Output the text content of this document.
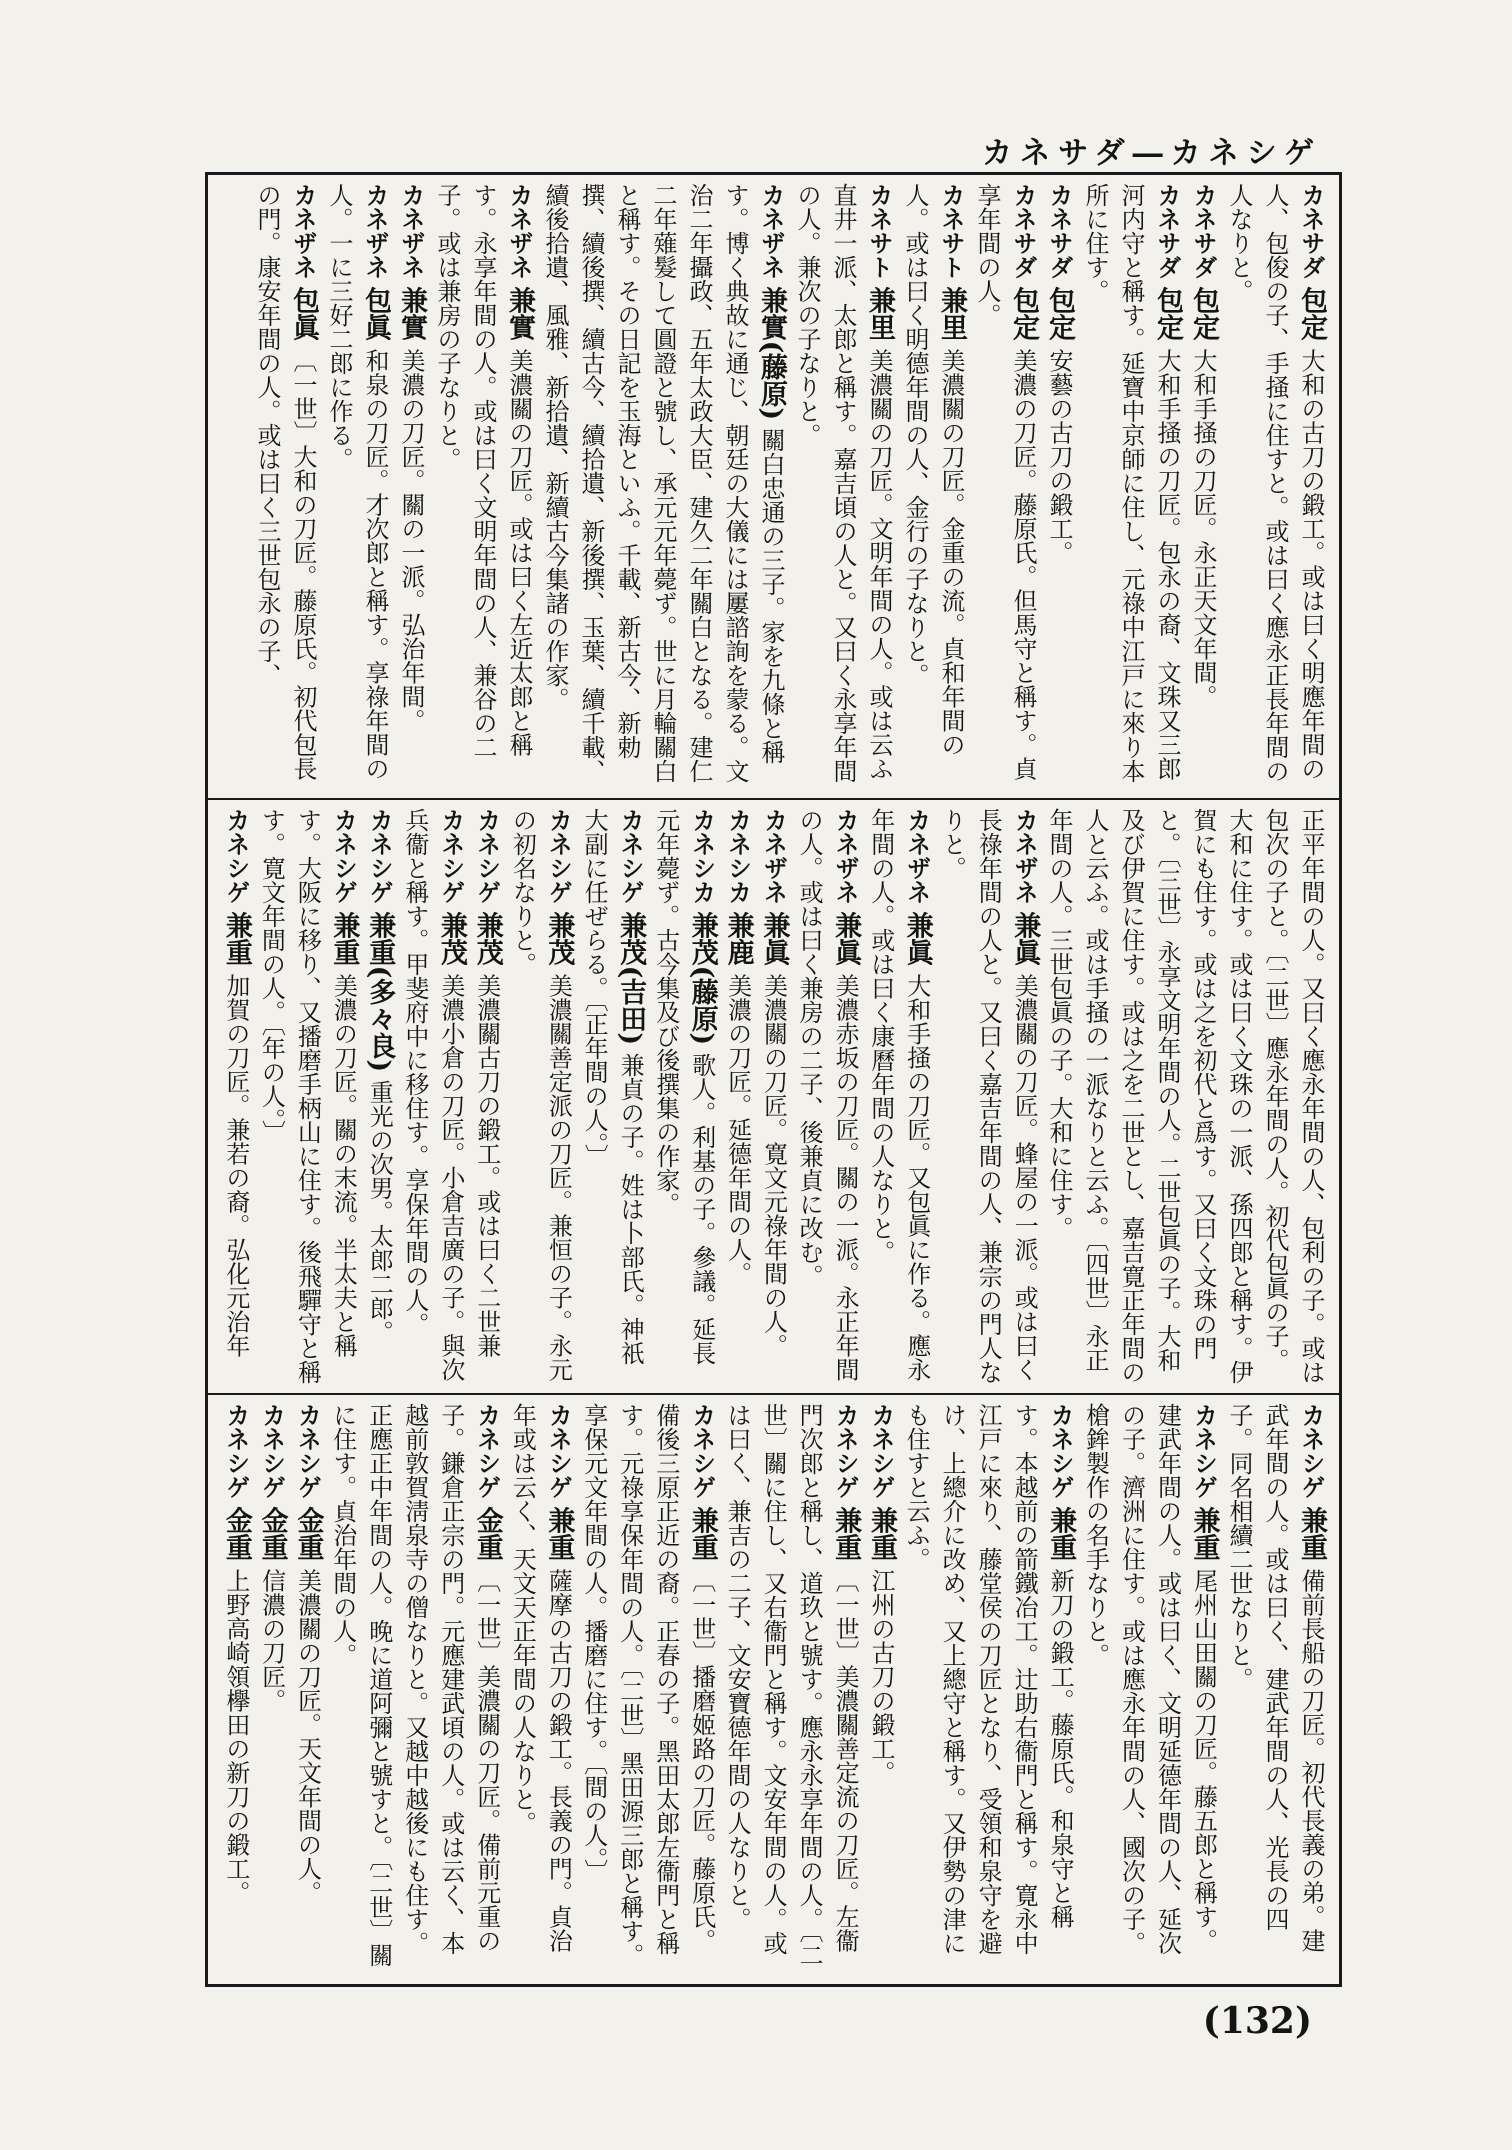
カネサダ―カネシゲ
カネサダ 包定 大和の古刀の鍛工。或は曰く明應年間の人、包俊の子、手掻に住すと。或は曰く應永正長年間の人なりと。
カネサダ 包定 大和手掻の刀匠。永正天文年間。
カネサダ 包定 大和手掻の刀匠。包永の裔、文珠又三郎河内守と稱す。延寶中京師に住し、元祿中江戸に來り本所に住す。
カネサダ 包定 安藝の古刀の鍛工。
カネサダ 包定 美濃の刀匠。藤原氏。但馬守と稱す。貞享年間の人。
カネサト 兼里 美濃關の刀匠。金重の流。貞和年間の人。或は曰く明德年間の人、金行の子なりと。
カネサト 兼里 美濃關の刀匠。文明年間の人。或は云ふ直井一派、太郎と稱す。嘉吉頃の人と。又曰く永享年間の人。兼次の子なりと。
カネザネ 兼實(藤原) 關白忠通の三子。家を九條と稱す。博く典故に通じ、朝廷の大儀には屢諮詢を蒙る。文治二年攝政、五年太政大臣、建久二年關白となる。建仁二年薙髮して圓證と號し、承元元年薨ず。世に月輪關白と稱す。その日記を玉海といふ。千載、新古今、新勅撰、續後撰、續古今、續拾遺、新後撰、玉葉、續千載、續後拾遺、風雅、新拾遺、新續古今集諸の作家。
カネザネ 兼實 美濃關の刀匠。或は曰く左近太郎と稱す。永享年間の人。或は曰く文明年間の人、兼谷の二子。或は兼房の子なりと。
カネザネ 兼實 美濃の刀匠。關の一派。弘治年間。
カネザネ 包眞 和泉の刀匠。才次郎と稱す。享祿年間の人。一に三好二郎に作る。
カネザネ 包眞 〔一世〕大和の刀匠。藤原氏。初代包長の門。康安年間の人。或は曰く三世包永の子、
正平年間の人。又曰く應永年間の人、包利の子。或は包次の子と。〔二世〕應永年間の人。初代包眞の子。大和に住す。或は曰く文珠の一派、孫四郎と稱す。伊賀にも住す。或は之を初代と爲す。又曰く文珠の門と。〔三世〕永享文明年間の人。二世包眞の子。大和及び伊賀に住す。或は之を二世とし、嘉吉寛正年間の人と云ふ。或は手掻の一派なりと云ふ。〔四世〕永正年間の人。三世包眞の子。大和に住す。
カネザネ 兼眞 美濃關の刀匠。蜂屋の一派。或は曰く長祿年間の人と。又曰く嘉吉年間の人、兼宗の門人なりと。
カネザネ 兼眞 大和手掻の刀匠。又包眞に作る。應永年間の人。或は曰く康曆年間の人なりと。
カネザネ 兼眞 美濃赤坂の刀匠。關の一派。永正年間の人。或は曰く兼房の二子、後兼貞に改む。
カネザネ 兼眞 美濃關の刀匠。寛文元祿年間の人。
カネシカ 兼鹿 美濃の刀匠。延德年間の人。
カネシカ 兼茂(藤原) 歌人。利基の子。參議。延長元年薨ず。古今集及び後撰集の作家。
カネシゲ 兼茂(吉田) 兼貞の子。姓は卜部氏。神祇大副に任ぜらる。〔正年間の人。〕
カネシゲ 兼茂 美濃關善定派の刀匠。兼恒の子。永元の初名なりと。
カネシゲ 兼茂 美濃關古刀の鍛工。或は曰く二世兼
カネシゲ 兼茂 美濃小倉の刀匠。小倉吉廣の子。與次兵衞と稱す。甲斐府中に移住す。享保年間の人。
カネシゲ 兼重(多々良) 重光の次男。太郎二郎。
カネシゲ 兼重 美濃の刀匠。關の末流。半太夫と稱す。大阪に移り、又播磨手柄山に住す。後飛驒守と稱す。寛文年間の人。〔年の人。〕
カネシゲ 兼重 加賀の刀匠。兼若の裔。弘化元治年
カネシゲ 兼重 備前長船の刀匠。初代長義の弟。建武年間の人。或は曰く、建武年間の人、光長の四子。同名相續二世なりと。
カネシゲ 兼重 尾州山田關の刀匠。藤五郎と稱す。建武年間の人。或は曰く、文明延德年間の人、延次の子。濟洲に住す。或は應永年間の人、國次の子。槍鉾製作の名手なりと。
カネシゲ 兼重 新刀の鍛工。藤原氏。和泉守と稱す。本越前の箭鐵冶工。辻助右衞門と稱す。寛永中江戸に來り、藤堂侯の刀匠となり、受領和泉守を避け、上總介に改め、又上總守と稱す。又伊勢の津にも住すと云ふ。
カネシゲ 兼重 江州の古刀の鍛工。
カネシゲ 兼重 〔一世〕美濃關善定流の刀匠。左衞門次郎と稱し、道玖と號す。應永永享年間の人。〔二世〕關に住し、又右衞門と稱す。文安年間の人。或は曰く、兼吉の二子、文安寶德年間の人なりと。
カネシゲ 兼重 〔一世〕播磨姬路の刀匠。藤原氏。備後三原正近の裔。正春の子。黑田太郎左衞門と稱す。元祿享保年間の人。〔二世〕黑田源三郎と稱す。享保元文年間の人。播磨に住す。〔間の人。〕
カネシゲ 兼重 薩摩の古刀の鍛工。長義の門。貞治年或は云く、天文天正年間の人なりと。
カネシゲ 金重 〔一世〕美濃關の刀匠。備前元重の子。鎌倉正宗の門。元應建武頃の人。或は云く、本越前敦賀淸泉寺の僧なりと。又越中越後にも住す。正應正中年間の人。晚に道阿彌と號すと。〔二世〕關に住す。貞治年間の人。
カネシゲ 金重 美濃關の刀匠。天文年間の人。
カネシゲ 金重 信濃の刀匠。
カネシゲ 金重 上野高崎領欅田の新刀の鍛工。
(132)
